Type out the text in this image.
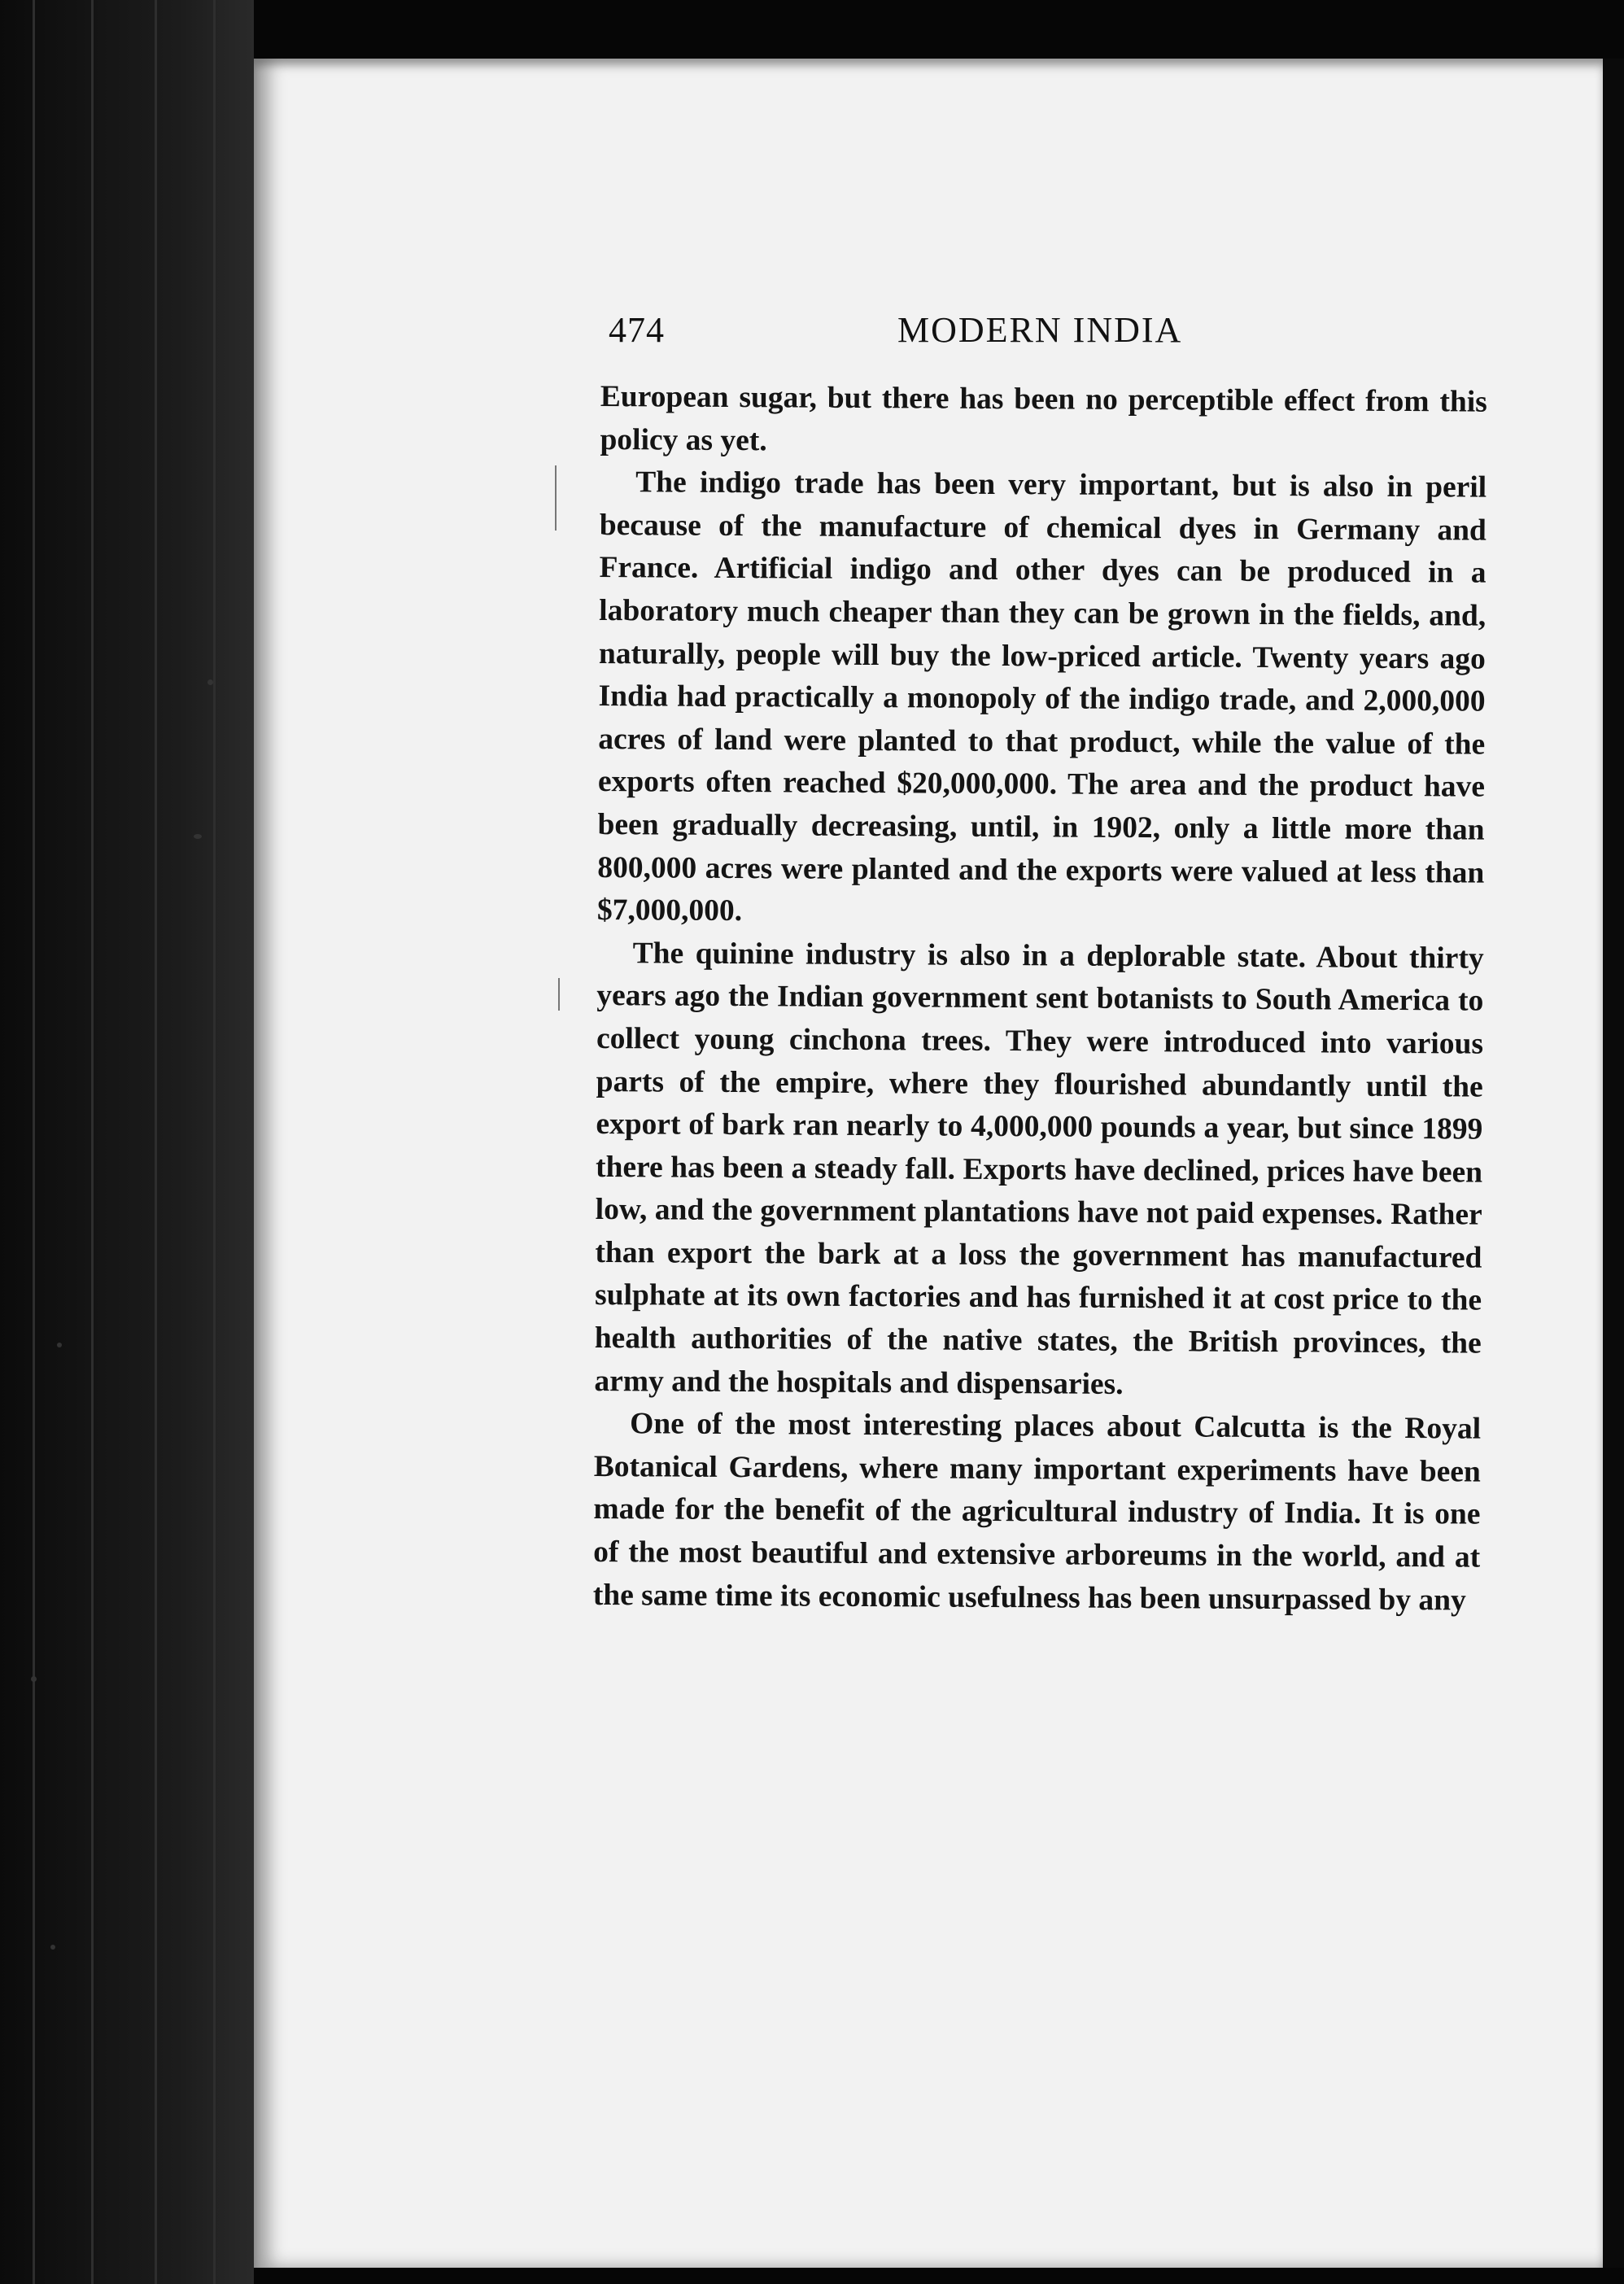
474	MODERN INDIA

European sugar, but there has been no perceptible effect from this policy as yet.

The indigo trade has been very important, but is also in peril because of the manufacture of chemical dyes in Germany and France. Artificial indigo and other dyes can be produced in a laboratory much cheaper than they can be grown in the fields, and, naturally, people will buy the low-priced article. Twenty years ago India had practically a monopoly of the indigo trade, and 2,000,000 acres of land were planted to that product, while the value of the exports often reached $20,000,000. The area and the product have been gradually decreasing, until, in 1902, only a little more than 800,000 acres were planted and the exports were valued at less than $7,000,000.

The quinine industry is also in a deplorable state. About thirty years ago the Indian government sent botanists to South America to collect young cinchona trees. They were introduced into various parts of the empire, where they flourished abundantly until the export of bark ran nearly to 4,000,000 pounds a year, but since 1899 there has been a steady fall. Exports have declined, prices have been low, and the government plantations have not paid expenses. Rather than export the bark at a loss the government has manufactured sulphate at its own factories and has furnished it at cost price to the health authorities of the native states, the British provinces, the army and the hospitals and dispensaries.

One of the most interesting places about Calcutta is the Royal Botanical Gardens, where many important experiments have been made for the benefit of the agricultural industry of India. It is one of the most beautiful and extensive arboreums in the world, and at the same time its economic usefulness has been unsurpassed by any
